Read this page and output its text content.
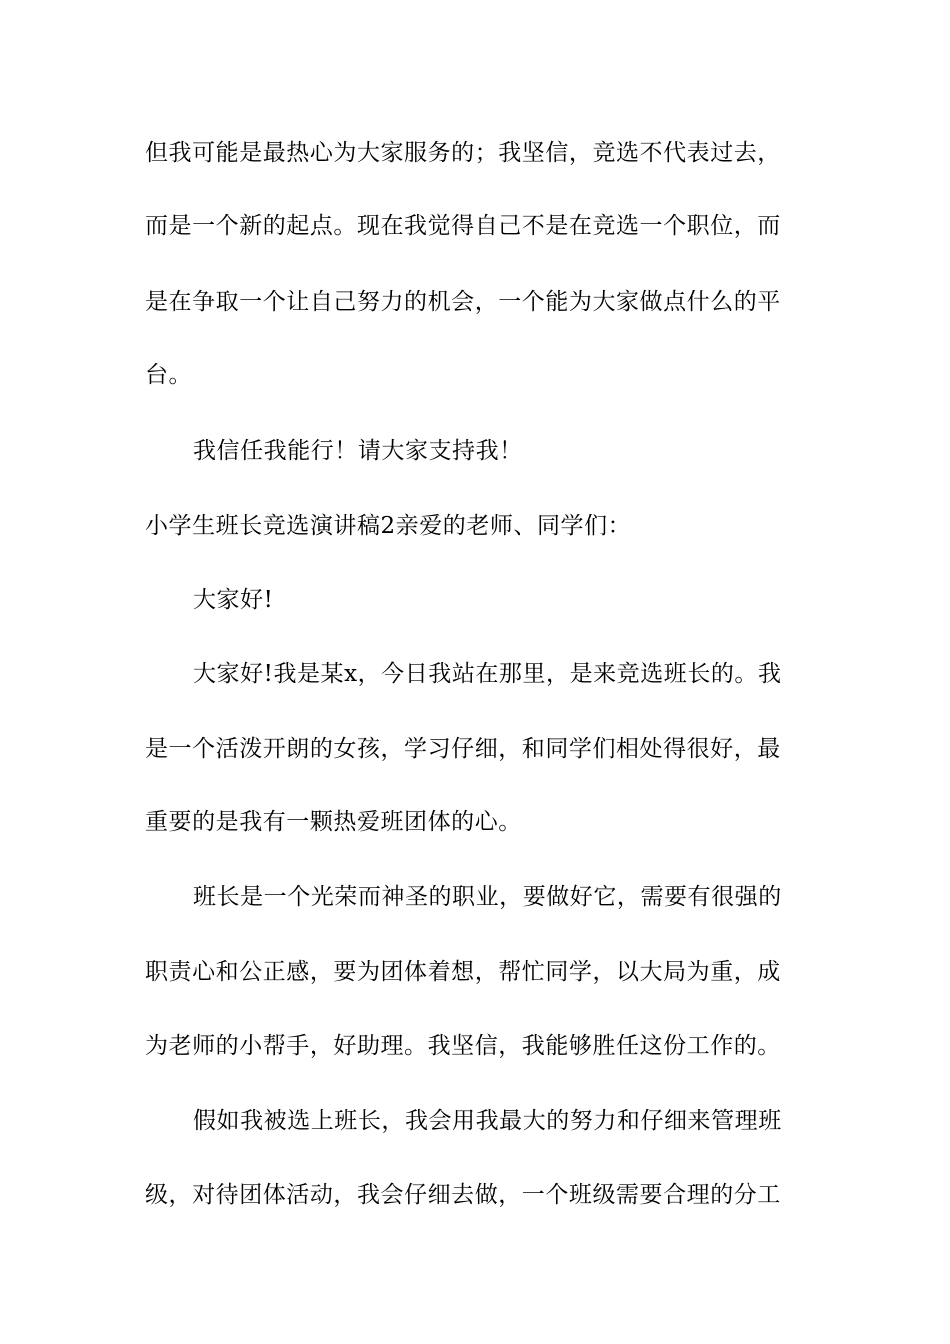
但我可能是最热心为大家服务的；我坚信，竞选不代表过去，
而是一个新的起点。现在我觉得自己不是在竞选一个职位，而
是在争取一个让自己努力的机会，一个能为大家做点什么的平
台。
我信任我能行！请大家支持我！
小学生班长竞选演讲稿2亲爱的老师、同学们：
大家好!
大家好!我是某x，今日我站在那里，是来竞选班长的。我
是一个活泼开朗的女孩，学习仔细，和同学们相处得很好，最
重要的是我有一颗热爱班团体的心。
班长是一个光荣而神圣的职业，要做好它，需要有很强的
职责心和公正感，要为团体着想，帮忙同学，以大局为重，成
为老师的小帮手，好助理。我坚信，我能够胜任这份工作的。
假如我被选上班长，我会用我最大的努力和仔细来管理班
级，对待团体活动，我会仔细去做，一个班级需要合理的分工
